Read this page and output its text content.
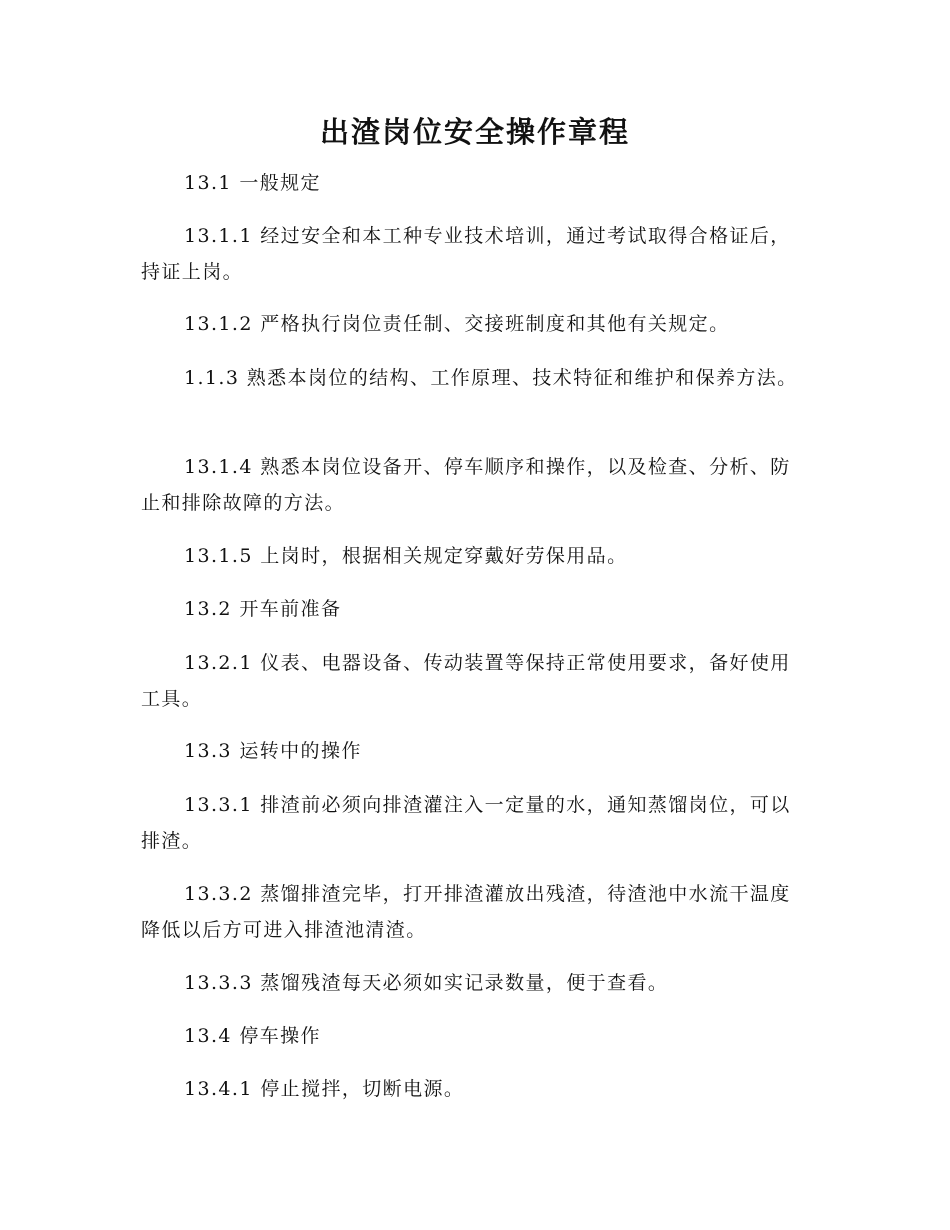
出渣岗位安全操作章程

13.1 一般规定

13.1.1 经过安全和本工种专业技术培训，通过考试取得合格证后，持证上岗。

13.1.2 严格执行岗位责任制、交接班制度和其他有关规定。

1.1.3 熟悉本岗位的结构、工作原理、技术特征和维护和保养方法。

13.1.4 熟悉本岗位设备开、停车顺序和操作，以及检查、分析、防止和排除故障的方法。

13.1.5 上岗时，根据相关规定穿戴好劳保用品。

13.2 开车前准备

13.2.1 仪表、电器设备、传动装置等保持正常使用要求，备好使用工具。

13.3 运转中的操作

13.3.1 排渣前必须向排渣灌注入一定量的水，通知蒸馏岗位，可以排渣。

13.3.2 蒸馏排渣完毕，打开排渣灌放出残渣，待渣池中水流干温度降低以后方可进入排渣池清渣。

13.3.3 蒸馏残渣每天必须如实记录数量，便于查看。

13.4 停车操作

13.4.1 停止搅拌，切断电源。
